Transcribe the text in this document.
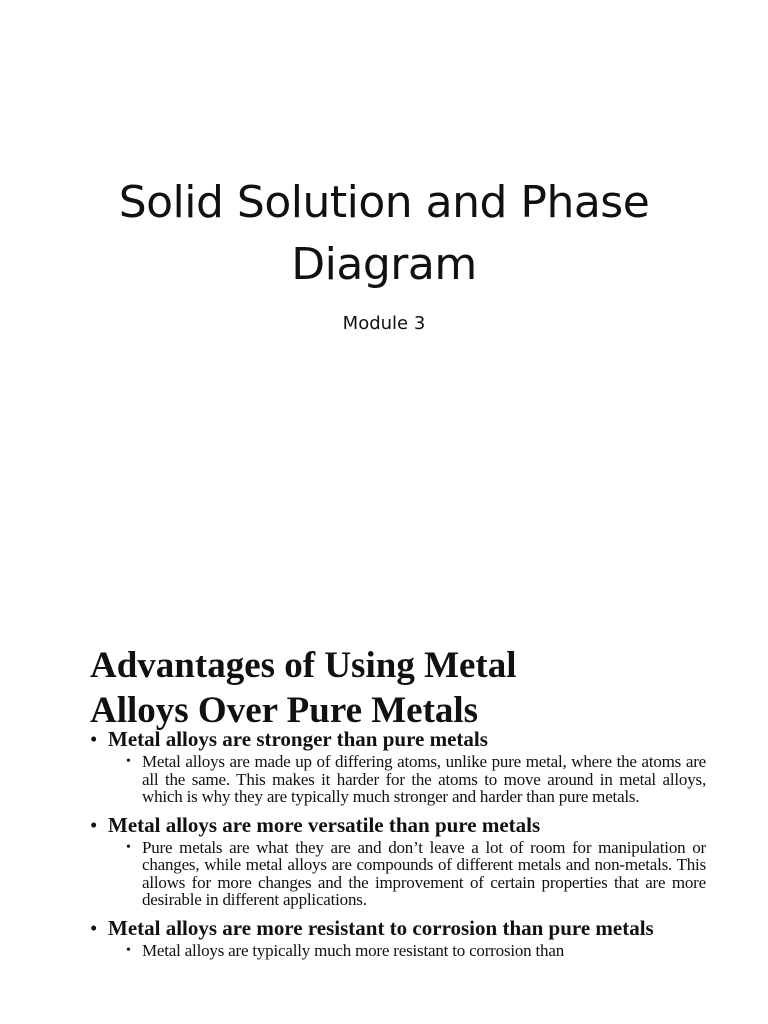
Solid Solution and Phase
Diagram
Module 3
Advantages of Using Metal
Alloys Over Pure Metals
• Metal alloys are stronger than pure metals
• Metal alloys are made up of differing atoms, unlike pure metal, where the atoms are all the same. This makes it harder for the atoms to move around in metal alloys, which is why they are typically much stronger and harder than pure metals.
• Metal alloys are more versatile than pure metals
• Pure metals are what they are and don’t leave a lot of room for manipulation or changes, while metal alloys are compounds of different metals and non-metals. This allows for more changes and the improvement of certain properties that are more desirable in different applications.
• Metal alloys are more resistant to corrosion than pure metals
• Metal alloys are typically much more resistant to corrosion than
